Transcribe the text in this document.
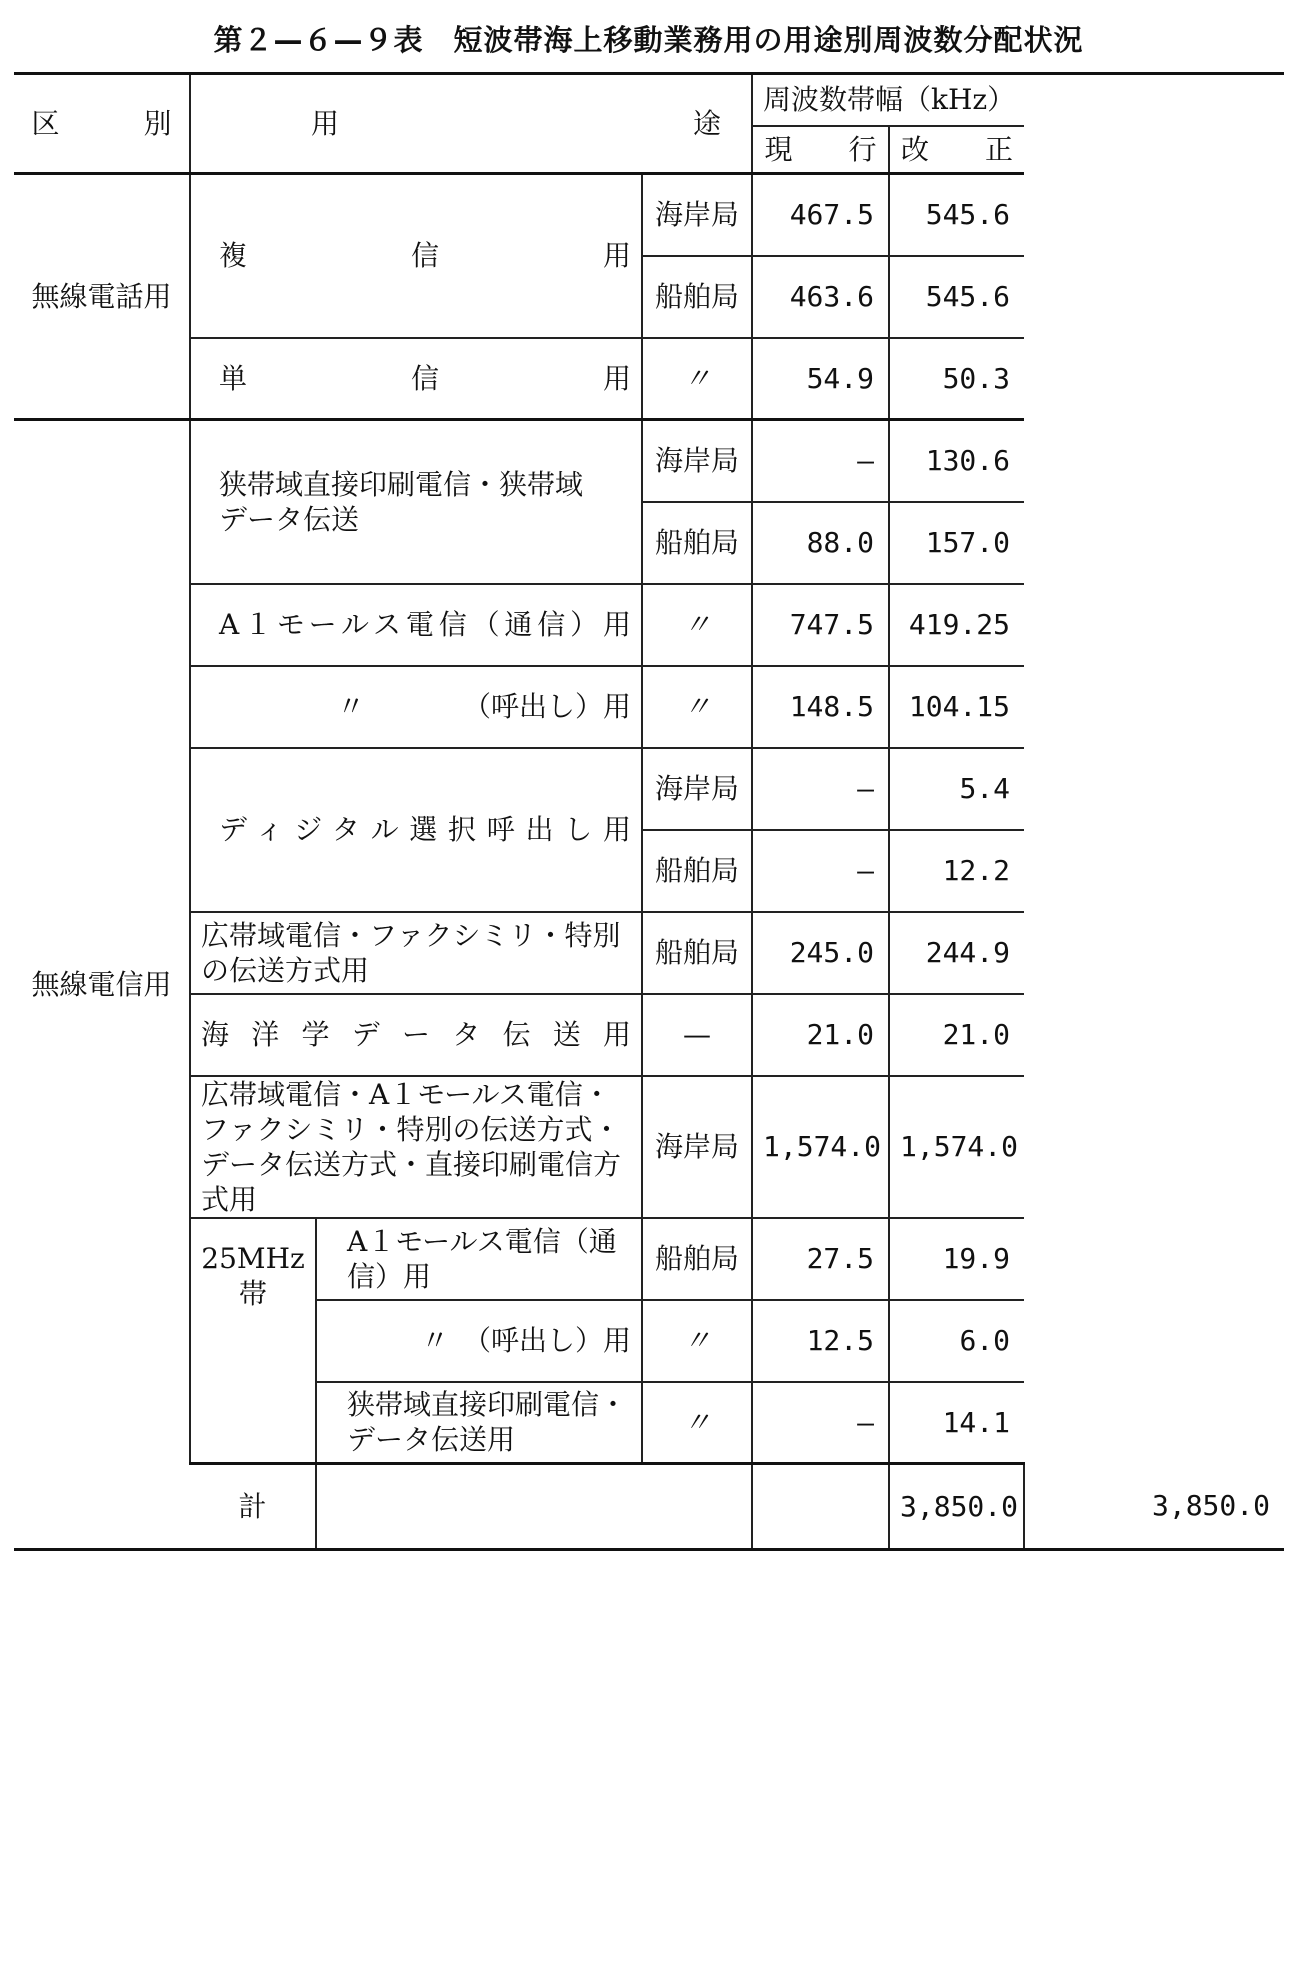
第２—６—９表　短波帯海上移動業務用の用途別周波数分配状況
区　　　別	用 途			周波数帯幅（kHz）		
				現　　行	改　　正	
無線電話用	複　　　信　　　用		海岸局	467.5	545.6	
			船舶局	463.6	545.6	
	単　　　信　　　用		〃	54.9	50.3	
無線電信用	狭帯域直接印刷電信・狭帯域データ伝送		海岸局	—	130.6	
			船舶局	88.0	157.0	
	A１モールス電信（通信）用		〃	747.5	419.25	
	〃　　　　（呼出し）用		〃	148.5	104.15	
	ディジタル選択呼出し用		海岸局	—	5.4	
			船舶局	—	12.2	
	広帯域電信・ファクシミリ・特別の伝送方式用		船舶局	245.0	244.9	
	海洋学データ伝送用		—	21.0	21.0	
	広帯域電信・A１モールス電信・ファクシミリ・特別の伝送方式・データ伝送方式・直接印刷電信方式用		海岸局	1,574.0	1,574.0	
	25MHz帯	A１モールス電信（通信）用	船舶局	27.5	19.9	
		〃　（呼出し）用	〃	12.5	6.0	
		狭帯域直接印刷電信・データ伝送用	〃	—	14.1	
	計				3,850.0	3,850.0
